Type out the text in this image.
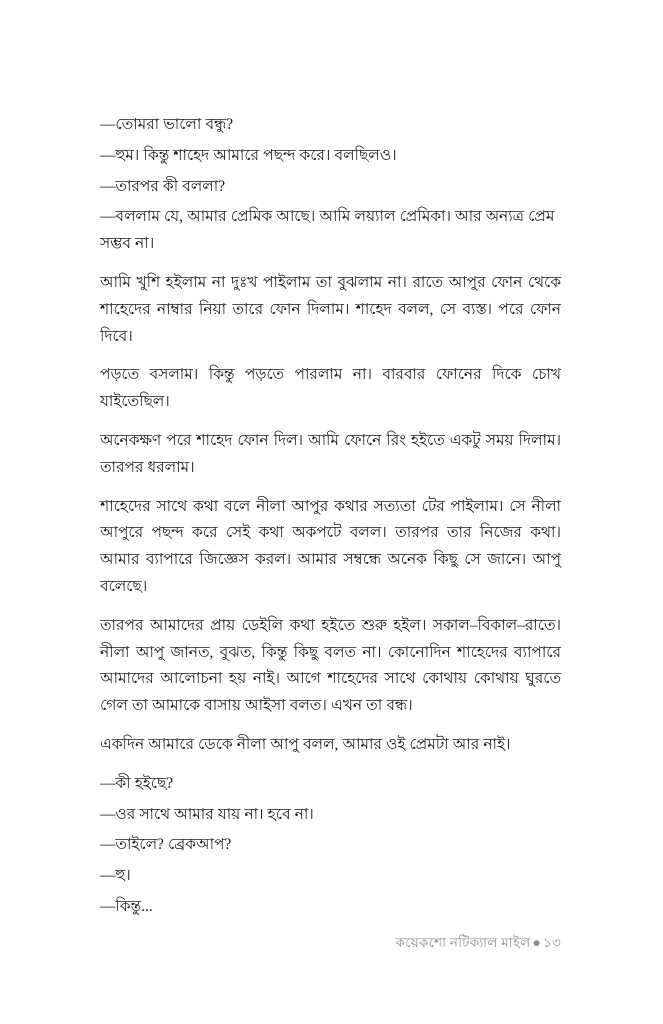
—তোমরা ভালো বন্ধু?

—হুম। কিন্তু শাহেদ আমারে পছন্দ করে। বলছিলও।

—তারপর কী বললা?

—বললাম যে, আমার প্রেমিক আছে। আমি লয়্যাল প্রেমিকা। আর অন্যত্র প্রেম সম্ভব না।

আমি খুশি হইলাম না দুঃখ পাইলাম তা বুঝলাম না। রাতে আপুর ফোন থেকে শাহেদের নাম্বার নিয়া তারে ফোন দিলাম। শাহেদ বলল, সে ব্যস্ত। পরে ফোন দিবে।

পড়তে বসলাম। কিন্তু পড়তে পারলাম না। বারবার ফোনের দিকে চোখ যাইতেছিল।

অনেকক্ষণ পরে শাহেদ ফোন দিল। আমি ফোনে রিং হইতে একটু সময় দিলাম। তারপর ধরলাম।

শাহেদের সাথে কথা বলে নীলা আপুর কথার সত্যতা টের পাইলাম। সে নীলা আপুরে পছন্দ করে সেই কথা অকপটে বলল। তারপর তার নিজের কথা। আমার ব্যাপারে জিজ্ঞেস করল। আমার সম্বন্ধে অনেক কিছু সে জানে। আপু বলেছে।

তারপর আমাদের প্রায় ডেইলি কথা হইতে শুরু হইল। সকাল–বিকাল–রাতে। নীলা আপু জানত, বুঝত, কিন্তু কিছু বলত না। কোনোদিন শাহেদের ব্যাপারে আমাদের আলোচনা হয় নাই। আগে শাহেদের সাথে কোথায় কোথায় ঘুরতে গেল তা আমাকে বাসায় আইসা বলত। এখন তা বন্ধ।

একদিন আমারে ডেকে নীলা আপু বলল, আমার ওই প্রেমটা আর নাই।

—কী হইছে?

—ওর সাথে আমার যায় না। হবে না।

—তাইলে? ব্রেকআপ?

—হু।

—কিন্তু...

কয়েকশো নটিক্যাল মাইল ● ১৩
